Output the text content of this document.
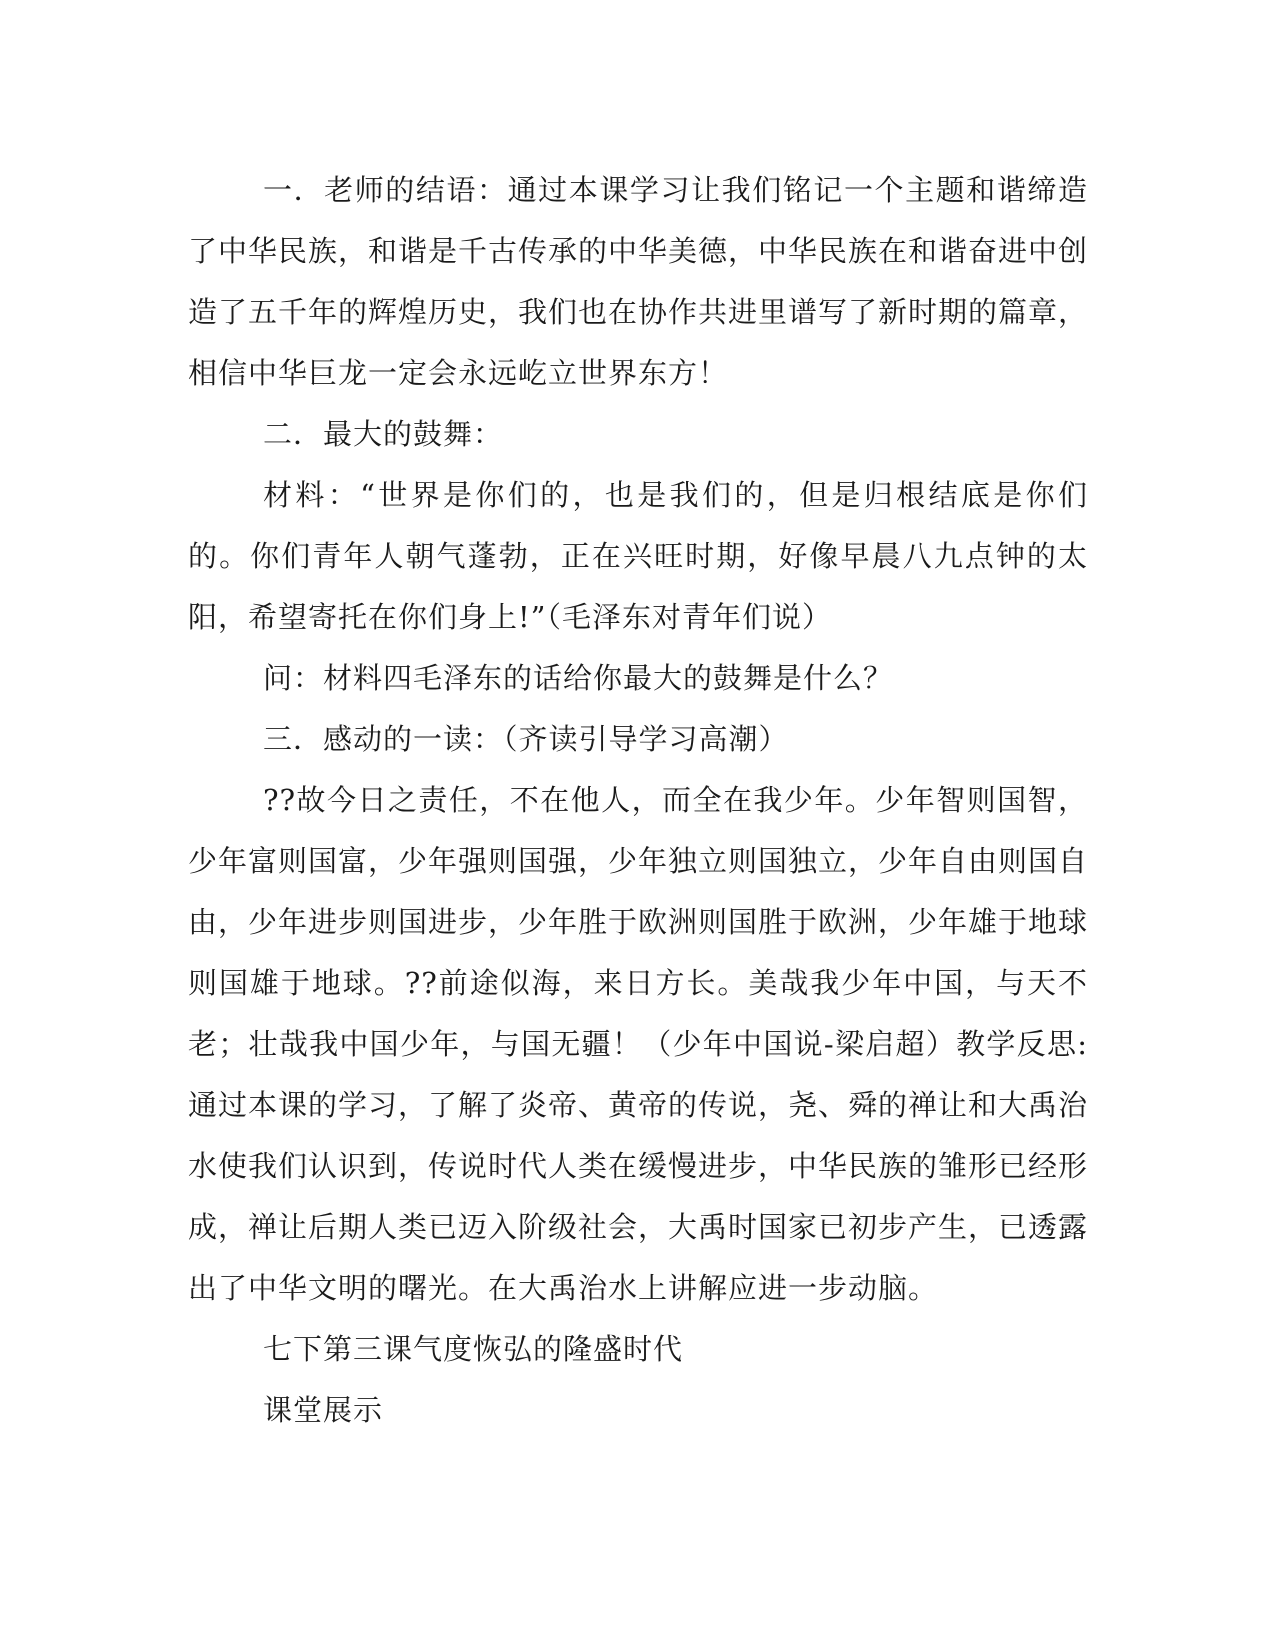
一．老师的结语：通过本课学习让我们铭记一个主题和谐缔造了中华民族，和谐是千古传承的中华美德，中华民族在和谐奋进中创造了五千年的辉煌历史，我们也在协作共进里谱写了新时期的篇章，相信中华巨龙一定会永远屹立世界东方！

二．最大的鼓舞：

材料：“世界是你们的，也是我们的，但是归根结底是你们的。你们青年人朝气蓬勃，正在兴旺时期，好像早晨八九点钟的太阳，希望寄托在你们身上!”（毛泽东对青年们说）

问：材料四毛泽东的话给你最大的鼓舞是什么？

三．感动的一读：（齐读引导学习高潮）

??故今日之责任，不在他人，而全在我少年。少年智则国智，少年富则国富，少年强则国强，少年独立则国独立，少年自由则国自由，少年进步则国进步，少年胜于欧洲则国胜于欧洲，少年雄于地球则国雄于地球。??前途似海，来日方长。美哉我少年中国，与天不老；壮哉我中国少年，与国无疆！（少年中国说-梁启超）教学反思:通过本课的学习，了解了炎帝、黄帝的传说，尧、舜的禅让和大禹治水使我们认识到，传说时代人类在缓慢进步，中华民族的雏形已经形成，禅让后期人类已迈入阶级社会，大禹时国家已初步产生，已透露出了中华文明的曙光。在大禹治水上讲解应进一步动脑。

七下第三课气度恢弘的隆盛时代

课堂展示
